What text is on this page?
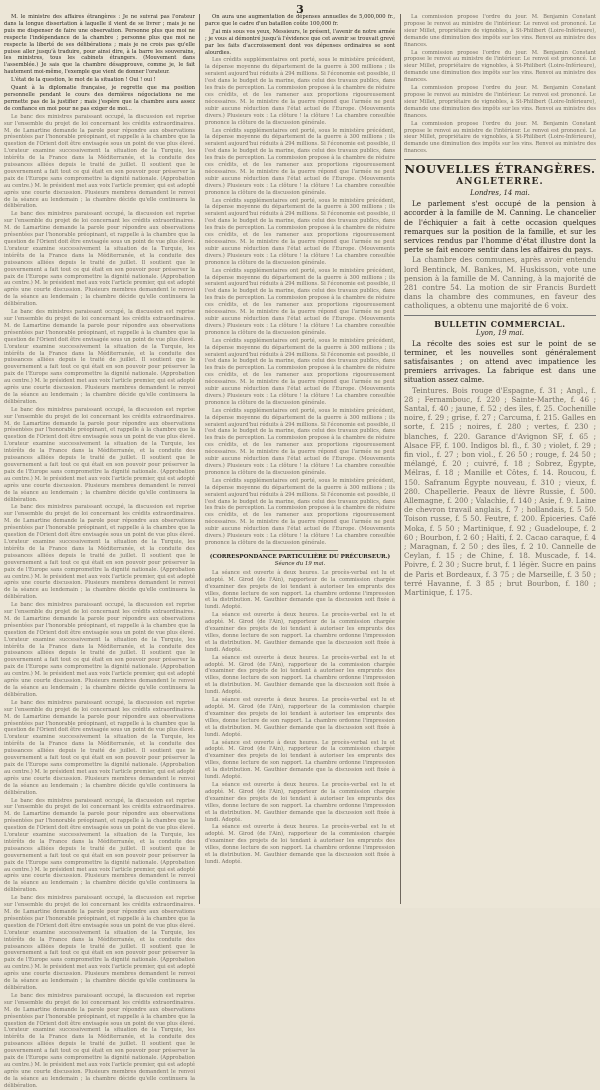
3

M. le ministre des affaires étrangères : Je ne suivrai pas l'orateur dans la longue dissertation à laquelle il vient de se livrer ; mais je ne puis me dispenser de faire une observation. Personne plus que moi ne respecte l'indépendance de la chambre ; personne plus que moi ne respecte la liberté de ses délibérations ; mais je ne crois pas qu'elle puisse aller jusqu'à traduire, pour ainsi dire, à la barre les souverains, les ministres, tous les cabinets étrangers. (Mouvement dans l'assemblée.) Je sais que la chambre désapprouve, comme je, le fait hautement moi-même, l'exemple que vient de donner l'orateur.

L'état de la question, le mot de la situation ! Oui ! oui !

Quant à la diplomatie française, je regrette que ma position personnelle pendant le cours des dernières négociations ne me permette pas de la justifier ; mais j'espère que la chambre aura assez de confiance en moi pour ne pas exiger de moi...

Le banc des ministres paraissant occupé, la discussion est reprise sur l'ensemble du projet de loi concernant les crédits extraordinaires. M. de Lamartine demande la parole pour répondre aux observations présentées par l'honorable préopinant, et rappelle à la chambre que la question de l'Orient doit être envisagée sous un point de vue plus élevé. L'orateur examine successivement la situation de la Turquie, les intérêts de la France dans la Méditerranée, et la conduite des puissances alliées depuis le traité de juillet. Il soutient que le gouvernement a fait tout ce qui était en son pouvoir pour préserver la paix de l'Europe sans compromettre la dignité nationale. (Approbation au centre.) M. le président met aux voix l'article premier, qui est adopté après une courte discussion. Plusieurs membres demandent le renvoi de la séance au lendemain ; la chambre décide qu'elle continuera la délibération.

Le banc des ministres paraissant occupé, la discussion est reprise sur l'ensemble du projet de loi concernant les crédits extraordinaires. M. de Lamartine demande la parole pour répondre aux observations présentées par l'honorable préopinant, et rappelle à la chambre que la question de l'Orient doit être envisagée sous un point de vue plus élevé. L'orateur examine successivement la situation de la Turquie, les intérêts de la France dans la Méditerranée, et la conduite des puissances alliées depuis le traité de juillet. Il soutient que le gouvernement a fait tout ce qui était en son pouvoir pour préserver la paix de l'Europe sans compromettre la dignité nationale. (Approbation au centre.) M. le président met aux voix l'article premier, qui est adopté après une courte discussion. Plusieurs membres demandent le renvoi de la séance au lendemain ; la chambre décide qu'elle continuera la délibération.

Le banc des ministres paraissant occupé, la discussion est reprise sur l'ensemble du projet de loi concernant les crédits extraordinaires. M. de Lamartine demande la parole pour répondre aux observations présentées par l'honorable préopinant, et rappelle à la chambre que la question de l'Orient doit être envisagée sous un point de vue plus élevé. L'orateur examine successivement la situation de la Turquie, les intérêts de la France dans la Méditerranée, et la conduite des puissances alliées depuis le traité de juillet. Il soutient que le gouvernement a fait tout ce qui était en son pouvoir pour préserver la paix de l'Europe sans compromettre la dignité nationale. (Approbation au centre.) M. le président met aux voix l'article premier, qui est adopté après une courte discussion. Plusieurs membres demandent le renvoi de la séance au lendemain ; la chambre décide qu'elle continuera la délibération.

Le banc des ministres paraissant occupé, la discussion est reprise sur l'ensemble du projet de loi concernant les crédits extraordinaires. M. de Lamartine demande la parole pour répondre aux observations présentées par l'honorable préopinant, et rappelle à la chambre que la question de l'Orient doit être envisagée sous un point de vue plus élevé. L'orateur examine successivement la situation de la Turquie, les intérêts de la France dans la Méditerranée, et la conduite des puissances alliées depuis le traité de juillet. Il soutient que le gouvernement a fait tout ce qui était en son pouvoir pour préserver la paix de l'Europe sans compromettre la dignité nationale. (Approbation au centre.) M. le président met aux voix l'article premier, qui est adopté après une courte discussion. Plusieurs membres demandent le renvoi de la séance au lendemain ; la chambre décide qu'elle continuera la délibération.

Le banc des ministres paraissant occupé, la discussion est reprise sur l'ensemble du projet de loi concernant les crédits extraordinaires. M. de Lamartine demande la parole pour répondre aux observations présentées par l'honorable préopinant, et rappelle à la chambre que la question de l'Orient doit être envisagée sous un point de vue plus élevé. L'orateur examine successivement la situation de la Turquie, les intérêts de la France dans la Méditerranée, et la conduite des puissances alliées depuis le traité de juillet. Il soutient que le gouvernement a fait tout ce qui était en son pouvoir pour préserver la paix de l'Europe sans compromettre la dignité nationale. (Approbation au centre.) M. le président met aux voix l'article premier, qui est adopté après une courte discussion. Plusieurs membres demandent le renvoi de la séance au lendemain ; la chambre décide qu'elle continuera la délibération.

Le banc des ministres paraissant occupé, la discussion est reprise sur l'ensemble du projet de loi concernant les crédits extraordinaires. M. de Lamartine demande la parole pour répondre aux observations présentées par l'honorable préopinant, et rappelle à la chambre que la question de l'Orient doit être envisagée sous un point de vue plus élevé. L'orateur examine successivement la situation de la Turquie, les intérêts de la France dans la Méditerranée, et la conduite des puissances alliées depuis le traité de juillet. Il soutient que le gouvernement a fait tout ce qui était en son pouvoir pour préserver la paix de l'Europe sans compromettre la dignité nationale. (Approbation au centre.) M. le président met aux voix l'article premier, qui est adopté après une courte discussion. Plusieurs membres demandent le renvoi de la séance au lendemain ; la chambre décide qu'elle continuera la délibération.

Le banc des ministres paraissant occupé, la discussion est reprise sur l'ensemble du projet de loi concernant les crédits extraordinaires. M. de Lamartine demande la parole pour répondre aux observations présentées par l'honorable préopinant, et rappelle à la chambre que la question de l'Orient doit être envisagée sous un point de vue plus élevé. L'orateur examine successivement la situation de la Turquie, les intérêts de la France dans la Méditerranée, et la conduite des puissances alliées depuis le traité de juillet. Il soutient que le gouvernement a fait tout ce qui était en son pouvoir pour préserver la paix de l'Europe sans compromettre la dignité nationale. (Approbation au centre.) M. le président met aux voix l'article premier, qui est adopté après une courte discussion. Plusieurs membres demandent le renvoi de la séance au lendemain ; la chambre décide qu'elle continuera la délibération.

Le banc des ministres paraissant occupé, la discussion est reprise sur l'ensemble du projet de loi concernant les crédits extraordinaires. M. de Lamartine demande la parole pour répondre aux observations présentées par l'honorable préopinant, et rappelle à la chambre que la question de l'Orient doit être envisagée sous un point de vue plus élevé. L'orateur examine successivement la situation de la Turquie, les intérêts de la France dans la Méditerranée, et la conduite des puissances alliées depuis le traité de juillet. Il soutient que le gouvernement a fait tout ce qui était en son pouvoir pour préserver la paix de l'Europe sans compromettre la dignité nationale. (Approbation au centre.) M. le président met aux voix l'article premier, qui est adopté après une courte discussion. Plusieurs membres demandent le renvoi de la séance au lendemain ; la chambre décide qu'elle continuera la délibération.

Le banc des ministres paraissant occupé, la discussion est reprise sur l'ensemble du projet de loi concernant les crédits extraordinaires. M. de Lamartine demande la parole pour répondre aux observations présentées par l'honorable préopinant, et rappelle à la chambre que la question de l'Orient doit être envisagée sous un point de vue plus élevé. L'orateur examine successivement la situation de la Turquie, les intérêts de la France dans la Méditerranée, et la conduite des puissances alliées depuis le traité de juillet. Il soutient que le gouvernement a fait tout ce qui était en son pouvoir pour préserver la paix de l'Europe sans compromettre la dignité nationale. (Approbation au centre.) M. le président met aux voix l'article premier, qui est adopté après une courte discussion. Plusieurs membres demandent le renvoi de la séance au lendemain ; la chambre décide qu'elle continuera la délibération.

Le banc des ministres paraissant occupé, la discussion est reprise sur l'ensemble du projet de loi concernant les crédits extraordinaires. M. de Lamartine demande la parole pour répondre aux observations présentées par l'honorable préopinant, et rappelle à la chambre que la question de l'Orient doit être envisagée sous un point de vue plus élevé. L'orateur examine successivement la situation de la Turquie, les intérêts de la France dans la Méditerranée, et la conduite des puissances alliées depuis le traité de juillet. Il soutient que le gouvernement a fait tout ce qui était en son pouvoir pour préserver la paix de l'Europe sans compromettre la dignité nationale. (Approbation au centre.) M. le président met aux voix l'article premier, qui est adopté après une courte discussion. Plusieurs membres demandent le renvoi de la séance au lendemain ; la chambre décide qu'elle continuera la délibération.

On aura une augmentation de dépenses annuelles de 5,000,000 fr., parce que le cadre d'un bataillon coûte 100,000 fr.

J'ai mis sous vos yeux, Messieurs, le présent, l'avenir de notre armée ; je vous ai démontré jusqu'à l'évidence que cet avenir se trouvait grevé par les faits d'accroissement dont vos dépenses ordinaires se sont alourdies.

Les crédits supplémentaires ont porté, sous le ministère précédent, la dépense moyenne du département de la guerre à 300 millions ; ils seraient aujourd'hui réduits à 294 millions. Si l'économie est possible, il l'est dans le budget de la marine, dans celui des travaux publics, dans les frais de perception. La commission propose à la chambre de réduire ces crédits, et de les ramener aux proportions rigoureusement nécessaires. M. le ministre de la guerre répond que l'armée ne peut subir aucune réduction dans l'état actuel de l'Europe. (Mouvements divers.) Plusieurs voix : La clôture ! la clôture ! La chambre consultée prononce la clôture de la discussion générale.

Les crédits supplémentaires ont porté, sous le ministère précédent, la dépense moyenne du département de la guerre à 300 millions ; ils seraient aujourd'hui réduits à 294 millions. Si l'économie est possible, il l'est dans le budget de la marine, dans celui des travaux publics, dans les frais de perception. La commission propose à la chambre de réduire ces crédits, et de les ramener aux proportions rigoureusement nécessaires. M. le ministre de la guerre répond que l'armée ne peut subir aucune réduction dans l'état actuel de l'Europe. (Mouvements divers.) Plusieurs voix : La clôture ! la clôture ! La chambre consultée prononce la clôture de la discussion générale.

Les crédits supplémentaires ont porté, sous le ministère précédent, la dépense moyenne du département de la guerre à 300 millions ; ils seraient aujourd'hui réduits à 294 millions. Si l'économie est possible, il l'est dans le budget de la marine, dans celui des travaux publics, dans les frais de perception. La commission propose à la chambre de réduire ces crédits, et de les ramener aux proportions rigoureusement nécessaires. M. le ministre de la guerre répond que l'armée ne peut subir aucune réduction dans l'état actuel de l'Europe. (Mouvements divers.) Plusieurs voix : La clôture ! la clôture ! La chambre consultée prononce la clôture de la discussion générale.

Les crédits supplémentaires ont porté, sous le ministère précédent, la dépense moyenne du département de la guerre à 300 millions ; ils seraient aujourd'hui réduits à 294 millions. Si l'économie est possible, il l'est dans le budget de la marine, dans celui des travaux publics, dans les frais de perception. La commission propose à la chambre de réduire ces crédits, et de les ramener aux proportions rigoureusement nécessaires. M. le ministre de la guerre répond que l'armée ne peut subir aucune réduction dans l'état actuel de l'Europe. (Mouvements divers.) Plusieurs voix : La clôture ! la clôture ! La chambre consultée prononce la clôture de la discussion générale.

Les crédits supplémentaires ont porté, sous le ministère précédent, la dépense moyenne du département de la guerre à 300 millions ; ils seraient aujourd'hui réduits à 294 millions. Si l'économie est possible, il l'est dans le budget de la marine, dans celui des travaux publics, dans les frais de perception. La commission propose à la chambre de réduire ces crédits, et de les ramener aux proportions rigoureusement nécessaires. M. le ministre de la guerre répond que l'armée ne peut subir aucune réduction dans l'état actuel de l'Europe. (Mouvements divers.) Plusieurs voix : La clôture ! la clôture ! La chambre consultée prononce la clôture de la discussion générale.

Les crédits supplémentaires ont porté, sous le ministère précédent, la dépense moyenne du département de la guerre à 300 millions ; ils seraient aujourd'hui réduits à 294 millions. Si l'économie est possible, il l'est dans le budget de la marine, dans celui des travaux publics, dans les frais de perception. La commission propose à la chambre de réduire ces crédits, et de les ramener aux proportions rigoureusement nécessaires. M. le ministre de la guerre répond que l'armée ne peut subir aucune réduction dans l'état actuel de l'Europe. (Mouvements divers.) Plusieurs voix : La clôture ! la clôture ! La chambre consultée prononce la clôture de la discussion générale.

Les crédits supplémentaires ont porté, sous le ministère précédent, la dépense moyenne du département de la guerre à 300 millions ; ils seraient aujourd'hui réduits à 294 millions. Si l'économie est possible, il l'est dans le budget de la marine, dans celui des travaux publics, dans les frais de perception. La commission propose à la chambre de réduire ces crédits, et de les ramener aux proportions rigoureusement nécessaires. M. le ministre de la guerre répond que l'armée ne peut subir aucune réduction dans l'état actuel de l'Europe. (Mouvements divers.) Plusieurs voix : La clôture ! la clôture ! La chambre consultée prononce la clôture de la discussion générale.

(CORRESPONDANCE PARTICULIÈRE DU PRÉCURSEUR.)
Séance du 19 mai.

La séance est ouverte à deux heures. Le procès-verbal est lu et adopté. M. Girod (de l'Ain), rapporteur de la commission chargée d'examiner des projets de loi tendant à autoriser les emprunts des villes, donne lecture de son rapport. La chambre ordonne l'impression et la distribution. M. Gauthier demande que la discussion soit fixée à lundi. Adopté.

La séance est ouverte à deux heures. Le procès-verbal est lu et adopté. M. Girod (de l'Ain), rapporteur de la commission chargée d'examiner des projets de loi tendant à autoriser les emprunts des villes, donne lecture de son rapport. La chambre ordonne l'impression et la distribution. M. Gauthier demande que la discussion soit fixée à lundi. Adopté.

La séance est ouverte à deux heures. Le procès-verbal est lu et adopté. M. Girod (de l'Ain), rapporteur de la commission chargée d'examiner des projets de loi tendant à autoriser les emprunts des villes, donne lecture de son rapport. La chambre ordonne l'impression et la distribution. M. Gauthier demande que la discussion soit fixée à lundi. Adopté.

La séance est ouverte à deux heures. Le procès-verbal est lu et adopté. M. Girod (de l'Ain), rapporteur de la commission chargée d'examiner des projets de loi tendant à autoriser les emprunts des villes, donne lecture de son rapport. La chambre ordonne l'impression et la distribution. M. Gauthier demande que la discussion soit fixée à lundi. Adopté.

La séance est ouverte à deux heures. Le procès-verbal est lu et adopté. M. Girod (de l'Ain), rapporteur de la commission chargée d'examiner des projets de loi tendant à autoriser les emprunts des villes, donne lecture de son rapport. La chambre ordonne l'impression et la distribution. M. Gauthier demande que la discussion soit fixée à lundi. Adopté.

La séance est ouverte à deux heures. Le procès-verbal est lu et adopté. M. Girod (de l'Ain), rapporteur de la commission chargée d'examiner des projets de loi tendant à autoriser les emprunts des villes, donne lecture de son rapport. La chambre ordonne l'impression et la distribution. M. Gauthier demande que la discussion soit fixée à lundi. Adopté.

La séance est ouverte à deux heures. Le procès-verbal est lu et adopté. M. Girod (de l'Ain), rapporteur de la commission chargée d'examiner des projets de loi tendant à autoriser les emprunts des villes, donne lecture de son rapport. La chambre ordonne l'impression et la distribution. M. Gauthier demande que la discussion soit fixée à lundi. Adopté.

La commission propose l'ordre du jour. M. Benjamin Constant propose le renvoi au ministre de l'intérieur. Le renvoi est prononcé. Le sieur Millet, propriétaire de vignobles, à St-Philibert (Loire-Inférieure), demande une diminution des impôts sur les vins. Renvoi au ministre des finances.

La commission propose l'ordre du jour. M. Benjamin Constant propose le renvoi au ministre de l'intérieur. Le renvoi est prononcé. Le sieur Millet, propriétaire de vignobles, à St-Philibert (Loire-Inférieure), demande une diminution des impôts sur les vins. Renvoi au ministre des finances.

La commission propose l'ordre du jour. M. Benjamin Constant propose le renvoi au ministre de l'intérieur. Le renvoi est prononcé. Le sieur Millet, propriétaire de vignobles, à St-Philibert (Loire-Inférieure), demande une diminution des impôts sur les vins. Renvoi au ministre des finances.

La commission propose l'ordre du jour. M. Benjamin Constant propose le renvoi au ministre de l'intérieur. Le renvoi est prononcé. Le sieur Millet, propriétaire de vignobles, à St-Philibert (Loire-Inférieure), demande une diminution des impôts sur les vins. Renvoi au ministre des finances.

NOUVELLES ÉTRANGÈRES.
ANGLETERRE.
Londres, 14 mai.

Le parlement s'est occupé de la pension à accorder à la famille de M. Canning. Le chancelier de l'échiquier a fait à cette occasion quelques remarques sur la position de la famille, et sur les services rendus par l'homme d'état illustre dont la perte se fait encore sentir dans les affaires du pays.

La chambre des communes, après avoir entendu lord Bentinck, M. Bankes, M. Huskisson, vote une pension à la famille de M. Canning, à la majorité de 281 contre 54. La motion de sir Francis Burdett dans la chambre des communes, en faveur des catholiques, a obtenu une majorité de 6 voix.

BULLETIN COMMERCIAL.
Lyon, 19 mai.

La récolte des soies est sur le point de se terminer, et les nouvelles sont généralement satisfaisantes ; on attend avec impatience les premiers arrivages. La fabrique est dans une situation assez calme.

Teintures. Bois rouge d'Espagne, f. 31 ; Angl., f. 28 ; Fernambouc, f. 220 ; Sainte-Marthe, f. 46 ; Santal, f. 40 ; jaune, f. 52 ; des îles, f. 25. Cochenille noire, f. 29 ; grise, f. 27 ; Carcuma, f. 215. Galles en sorte, f. 215 ; noires, f. 280 ; vertes, f. 230 ; blanches, f. 220. Garance d'Avignon SF, f. 65 ; Alsace FF, f. 100. Indigos bl. fl., f. 30 ; violet, f. 29 ; fin viol., f. 27 ; bon viol., f. 26 50 ; rouge, f. 24 50 ; mélangé, f. 20 ; cuivré, f. 18 ; Sobrez, Égypte, Mélras, f. 18 ; Manille et Côtes, f. 14. Roucou, f. 150. Safranum Égypte nouveau, f. 310 ; vieux, f. 280. Chapellerie. Peaux de lièvre Russie, f. 500. Allemagne, f. 200 ; Valachie, f. 140 ; Asie, f. 9. Laine de chevron travail anglais, f. 7 ; hollandais, f. 5 50. Toison russe, f. 5 50. Feutre, f. 200. Épiceries. Café Moka, f. 5 50 ; Martinique, f. 92 ; Guadeloupe, f. 2 60 ; Bourbon, f. 2 60 ; Haïti, f. 2. Cacao caraque, f. 4 ; Maragnan, f. 2 50 ; des îles, f. 2 10. Cannelle de Ceylan, f. 15 ; de Chine, f. 18. Muscade, f. 14. Poivre, f. 2 30 ; Sucre brut, f. 1 légèr. Sucre en pains de Paris et Bordeaux, f. 3 75 ; de Marseille, f. 3 50 ; terré Havanne, f. 3 85 ; brut Bourbon, f. 180 ; Martinique, f. 175.
